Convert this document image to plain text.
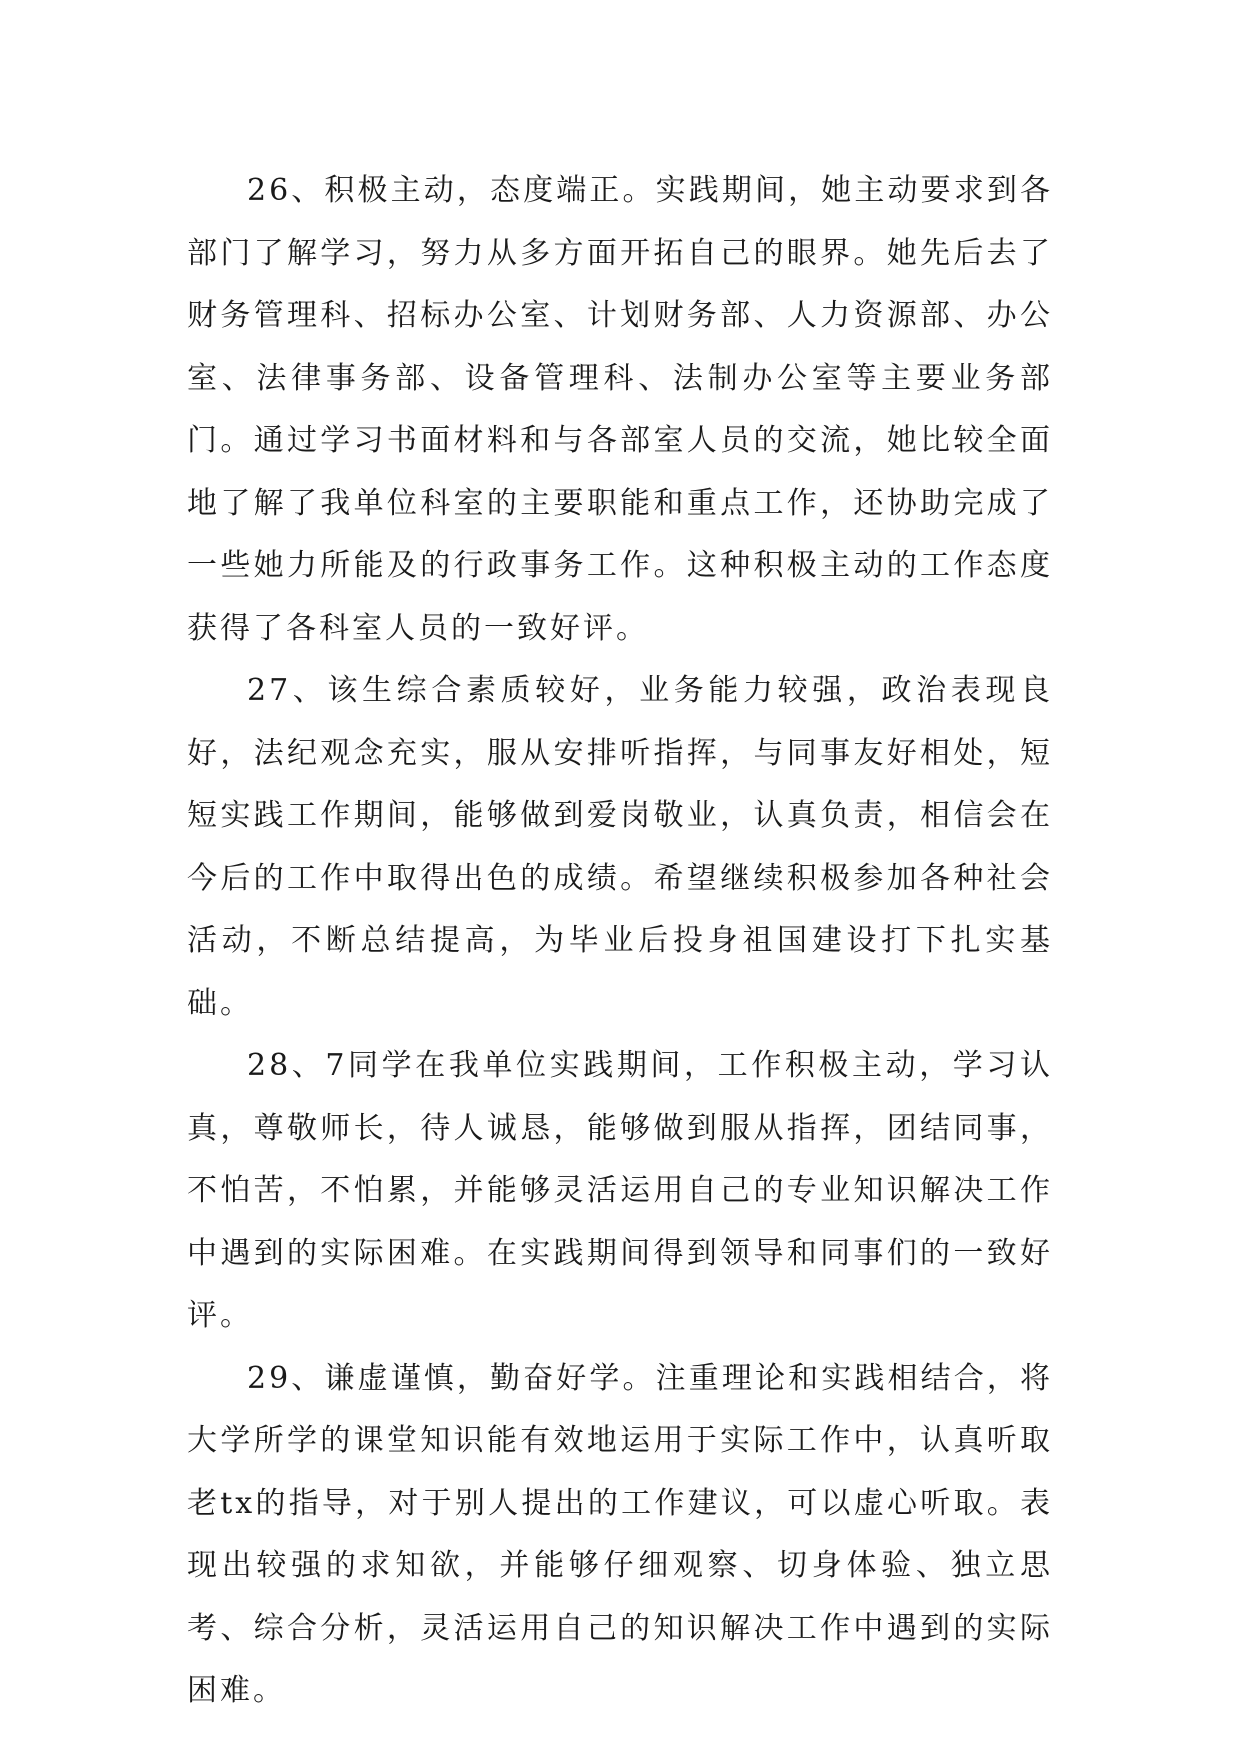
26、积极主动，态度端正。实践期间，她主动要求到各部门了解学习，努力从多方面开拓自己的眼界。她先后去了财务管理科、招标办公室、计划财务部、人力资源部、办公室、法律事务部、设备管理科、法制办公室等主要业务部门。通过学习书面材料和与各部室人员的交流，她比较全面地了解了我单位科室的主要职能和重点工作，还协助完成了一些她力所能及的行政事务工作。这种积极主动的工作态度获得了各科室人员的一致好评。

27、该生综合素质较好，业务能力较强，政治表现良好，法纪观念充实，服从安排听指挥，与同事友好相处，短短实践工作期间，能够做到爱岗敬业，认真负责，相信会在今后的工作中取得出色的成绩。希望继续积极参加各种社会活动，不断总结提高，为毕业后投身祖国建设打下扎实基础。

28、7同学在我单位实践期间，工作积极主动，学习认真，尊敬师长，待人诚恳，能够做到服从指挥，团结同事，不怕苦，不怕累，并能够灵活运用自己的专业知识解决工作中遇到的实际困难。在实践期间得到领导和同事们的一致好评。

29、谦虚谨慎，勤奋好学。注重理论和实践相结合，将大学所学的课堂知识能有效地运用于实际工作中，认真听取老tx的指导，对于别人提出的工作建议，可以虚心听取。表现出较强的求知欲，并能够仔细观察、切身体验、独立思考、综合分析，灵活运用自己的知识解决工作中遇到的实际困难。
